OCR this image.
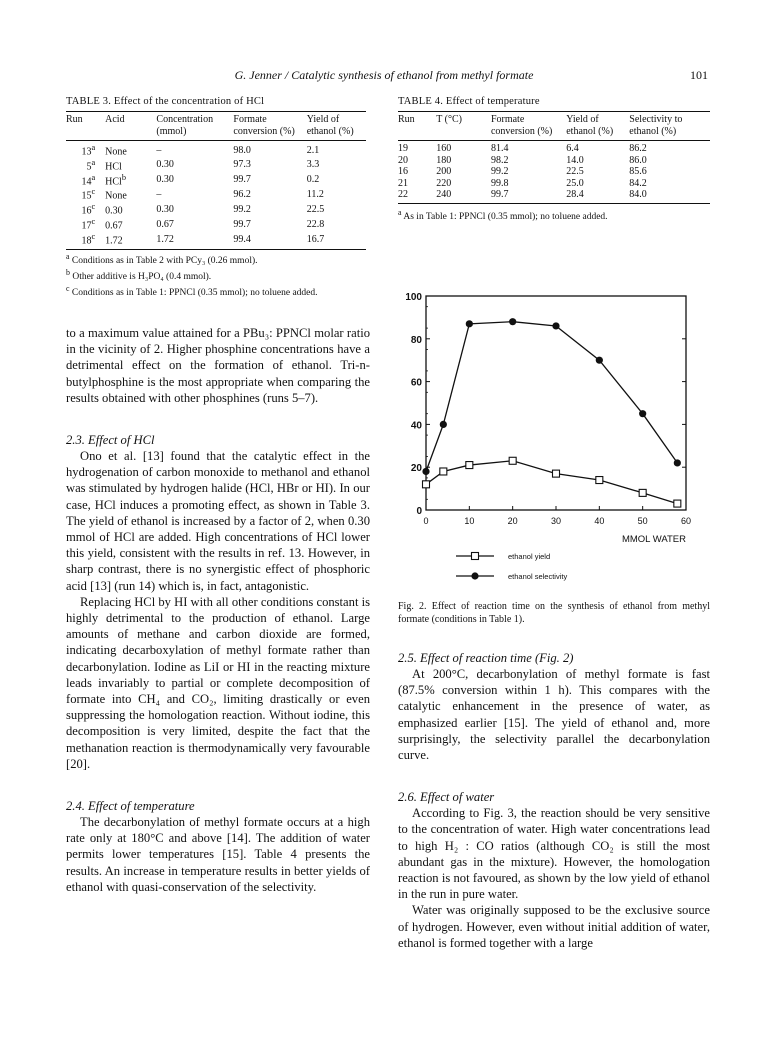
G. Jenner / Catalytic synthesis of ethanol from methyl formate	101
TABLE 3. Effect of the concentration of HCl
Run	Acid	Concentration (mmol)	Formate conversion (%)	Yield of ethanol (%)
13$^a$	None	–	98.0	2.1
5$^a$	HCl	0.30	97.3	3.3
14$^a$	HCl$^b$	0.30	99.7	0.2
15$^c$	None	–	96.2	11.2
16$^c$	0.30	0.30	99.2	22.5
17$^c$	0.67	0.67	99.7	22.8
18$^c$	1.72	1.72	99.4	16.7
$^a$ Conditions as in Table 2 with PCy₃ (0.26 mmol).
$^b$ Other additive is H₃PO₄ (0.4 mmol).
$^c$ Conditions as in Table 1: PPNCl (0.35 mmol); no toluene added.
TABLE 4. Effect of temperature
Run	T (°C)	Formate conversion (%)	Yield of ethanol (%)	Selectivity to ethanol (%)
19	160	81.4	6.4	86.2
20	180	98.2	14.0	86.0
16	200	99.2	22.5	85.6
21	220	99.8	25.0	84.2
22	240	99.7	28.4	84.0
$^a$ As in Table 1: PPNCl (0.35 mmol); no toluene added.

to a maximum value attained for a PBu₃: PPNCl molar ratio in the vicinity of 2. Higher phosphine concentrations have a detrimental effect on the formation of ethanol. Tri-n-butylphosphine is the most appropriate when comparing the results obtained with other phosphines (runs 5–7).

2.3. Effect of HCl

Ono et al. [13] found that the catalytic effect in the hydrogenation of carbon monoxide to methanol and ethanol was stimulated by hydrogen halide (HCl, HBr or HI). In our case, HCl induces a promoting effect, as shown in Table 3. The yield of ethanol is increased by a factor of 2, when 0.30 mmol of HCl are added. High concentrations of HCl lower this yield, consistent with the results in ref. 13. However, in sharp contrast, there is no synergistic effect of phosphoric acid [13] (run 14) which is, in fact, antagonistic.

Replacing HCl by HI with all other conditions constant is highly detrimental to the production of ethanol. Large amounts of methane and carbon dioxide are formed, indicating decarboxylation of methyl formate rather than decarbonylation. Iodine as LiI or HI in the reacting mixture leads invariably to partial or complete decomposition of formate into CH₄ and CO₂, limiting drastically or even suppressing the homologation reaction. Without iodine, this decomposition is very limited, despite the fact that the methanation reaction is thermodynamically very favourable [20].

2.4. Effect of temperature

The decarbonylation of methyl formate occurs at a high rate only at 180°C and above [14]. The addition of water permits lower temperatures [15]. Table 4 presents the results. An increase in temperature results in better yields of ethanol with quasi-conservation of the selectivity.

0
20
40
60
80
100
0	10	20	30	40	50	60
MMOL WATER
ethanol yield
ethanol selectivity
Fig. 2. Effect of reaction time on the synthesis of ethanol from methyl formate (conditions in Table 1).
2.5. Effect of reaction time (Fig. 2)

At 200°C, decarbonylation of methyl formate is fast (87.5% conversion within 1 h). This compares with the catalytic enhancement in the presence of water, as emphasized earlier [15]. The yield of ethanol and, more surprisingly, the selectivity parallel the decarbonylation curve.

2.6. Effect of water

According to Fig. 3, the reaction should be very sensitive to the concentration of water. High water concentrations lead to high H₂ : CO ratios (although CO₂ is still the most abundant gas in the mixture). However, the homologation reaction is not favoured, as shown by the low yield of ethanol in the run in pure water.

Water was originally supposed to be the exclusive source of hydrogen. However, even without initial addition of water, ethanol is formed together with a large
